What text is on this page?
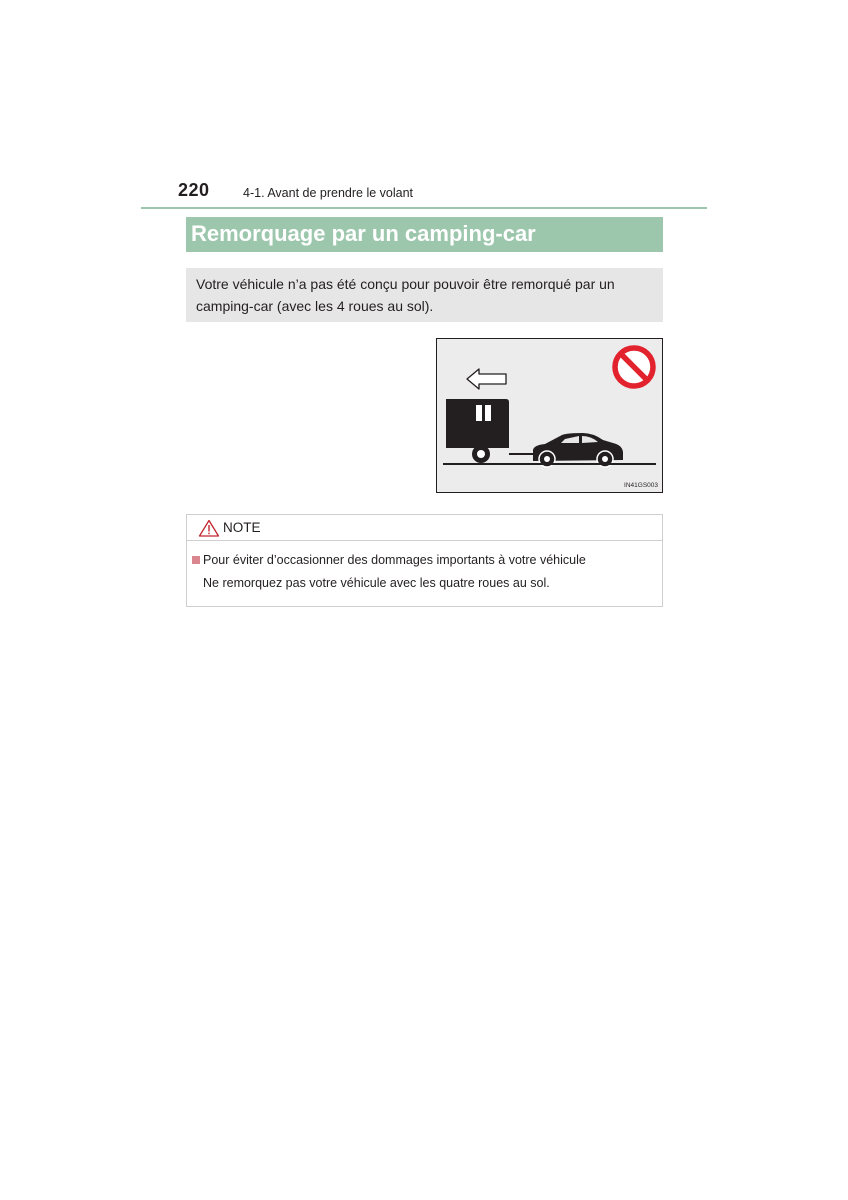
220	4-1. Avant de prendre le volant
Remorquage par un camping-car
Votre véhicule n’a pas été conçu pour pouvoir être remorqué par un camping-car (avec les 4 roues au sol).
IN41GS003
NOTE
Pour éviter d’occasionner des dommages importants à votre véhicule
Ne remorquez pas votre véhicule avec les quatre roues au sol.
